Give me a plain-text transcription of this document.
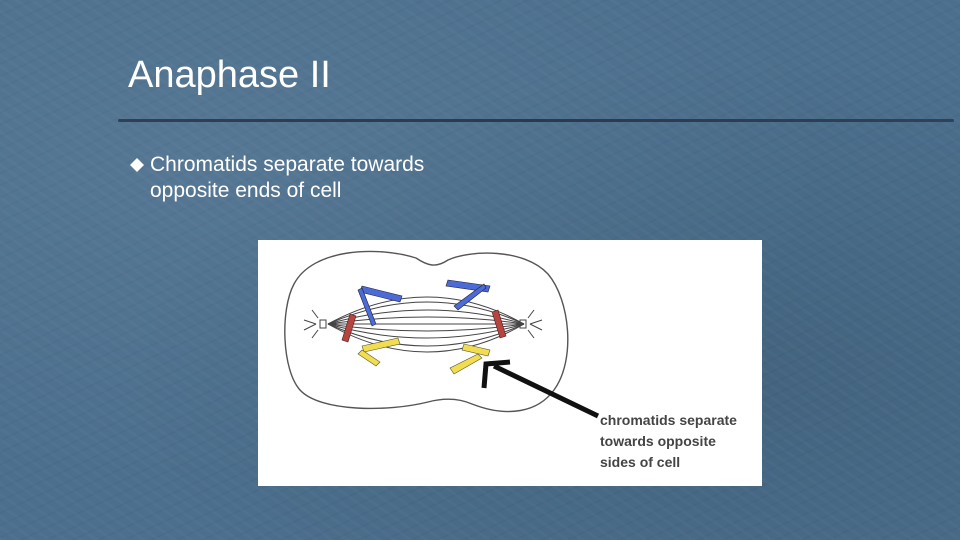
Anaphase II
Chromatids separate towards opposite ends of cell
chromatids separate
towards opposite
sides of cell
